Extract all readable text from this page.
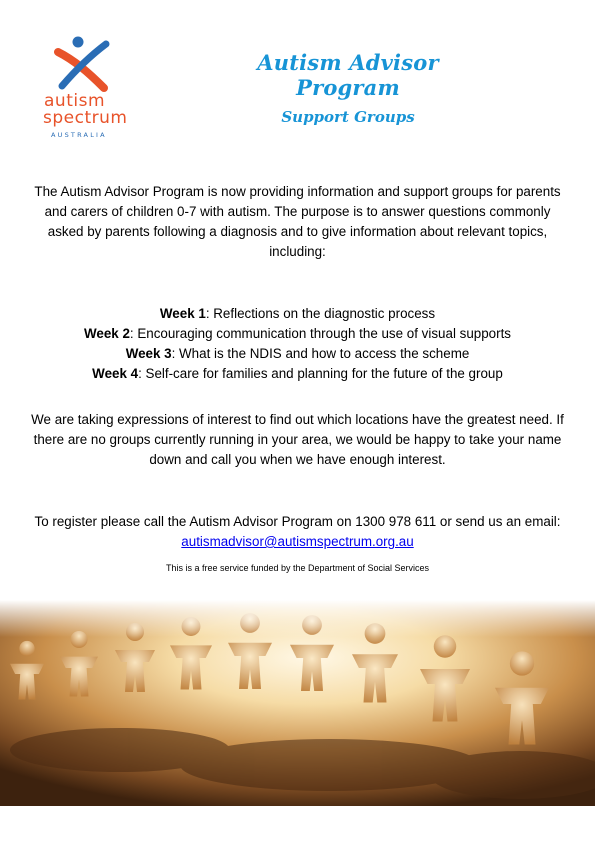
autism
spectrum
AUSTRALIA
Autism Advisor Program
Support Groups
The Autism Advisor Program is now providing information and support groups for parents and carers of children 0-7 with autism. The purpose is to answer questions commonly asked by parents following a diagnosis and to give information about relevant topics, including:
Week 1: Reflections on the diagnostic process
Week 2: Encouraging communication through the use of visual supports
Week 3: What is the NDIS and how to access the scheme
Week 4: Self-care for families and planning for the future of the group
We are taking expressions of interest to find out which locations have the greatest need. If there are no groups currently running in your area, we would be happy to take your name down and call you when we have enough interest.
To register please call the Autism Advisor Program on 1300 978 611 or send us an email: autismadvisor@autismspectrum.org.au
This is a free service funded by the Department of Social Services
